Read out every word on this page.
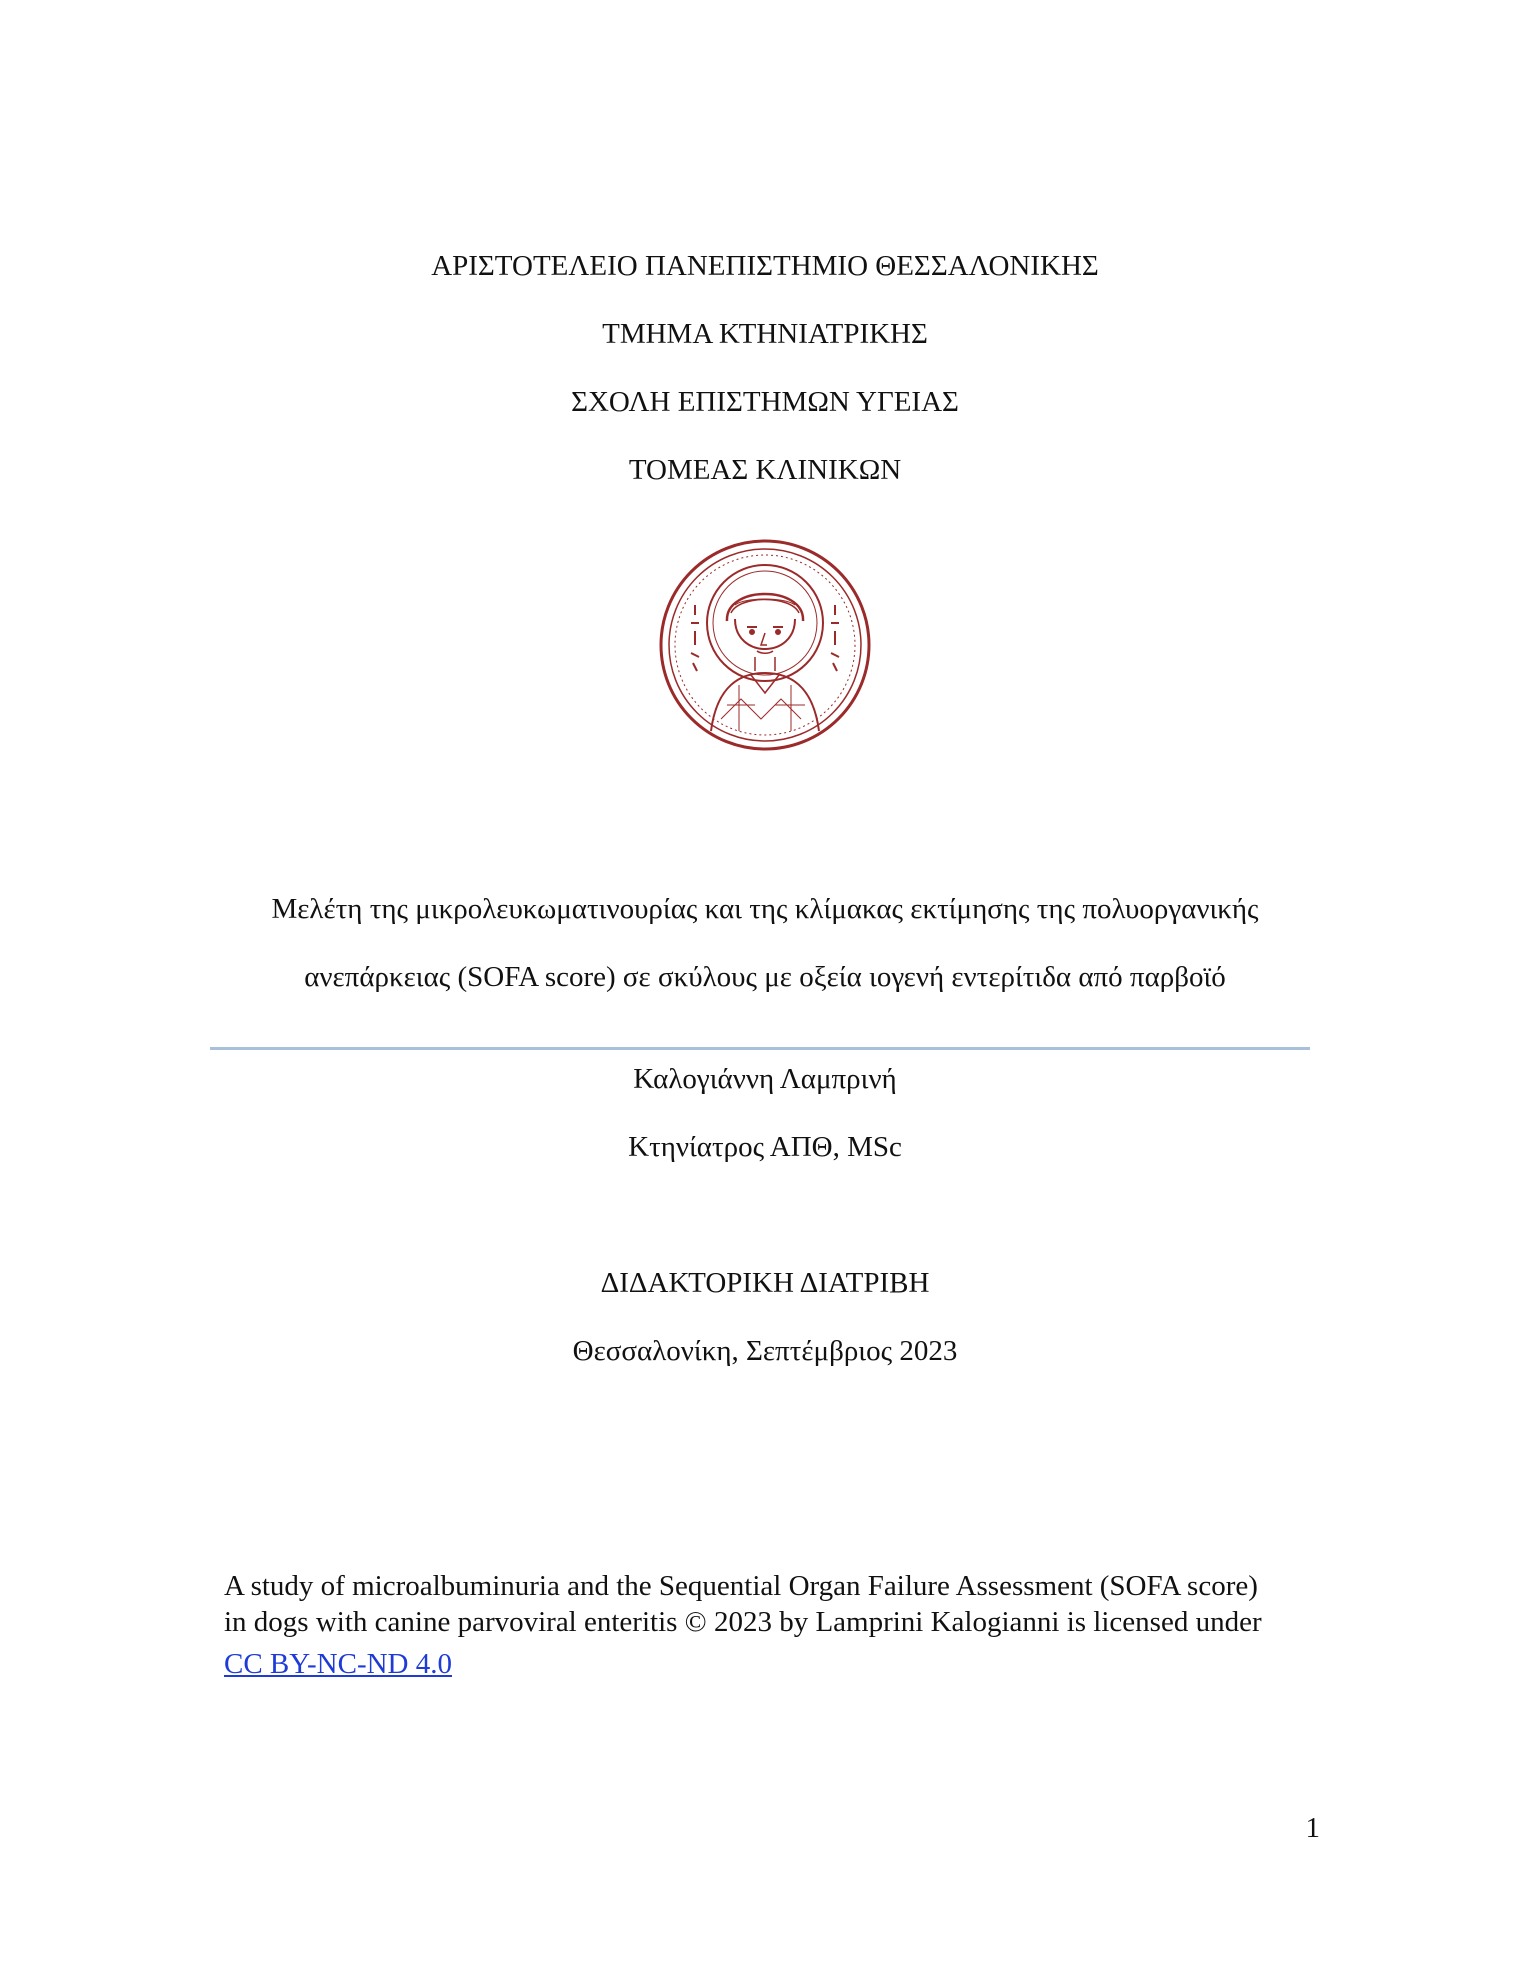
ΑΡΙΣΤΟΤΕΛΕΙΟ ΠΑΝΕΠΙΣΤΗΜΙΟ ΘΕΣΣΑΛΟΝΙΚΗΣ
ΤΜΗΜΑ ΚΤΗΝΙΑΤΡΙΚΗΣ
ΣΧΟΛΗ ΕΠΙΣΤΗΜΩΝ ΥΓΕΙΑΣ
ΤΟΜΕΑΣ ΚΛΙΝΙΚΩΝ
Μελέτη της μικρολευκωματινουρίας και της κλίμακας εκτίμησης της πολυοργανικής
ανεπάρκειας (SOFA score) σε σκύλους με οξεία ιογενή εντερίτιδα από παρβοϊό
Καλογιάννη Λαμπρινή
Κτηνίατρος ΑΠΘ, MSc
ΔΙΔΑΚΤΟΡΙΚΗ ΔΙΑΤΡΙΒΗ
Θεσσαλονίκη, Σεπτέμβριος 2023

A study of microalbuminuria and the Sequential Organ Failure Assessment (SOFA score)

in dogs with canine parvoviral enteritis © 2023 by Lamprini Kalogianni is licensed under

CC BY-NC-ND 4.0
1
